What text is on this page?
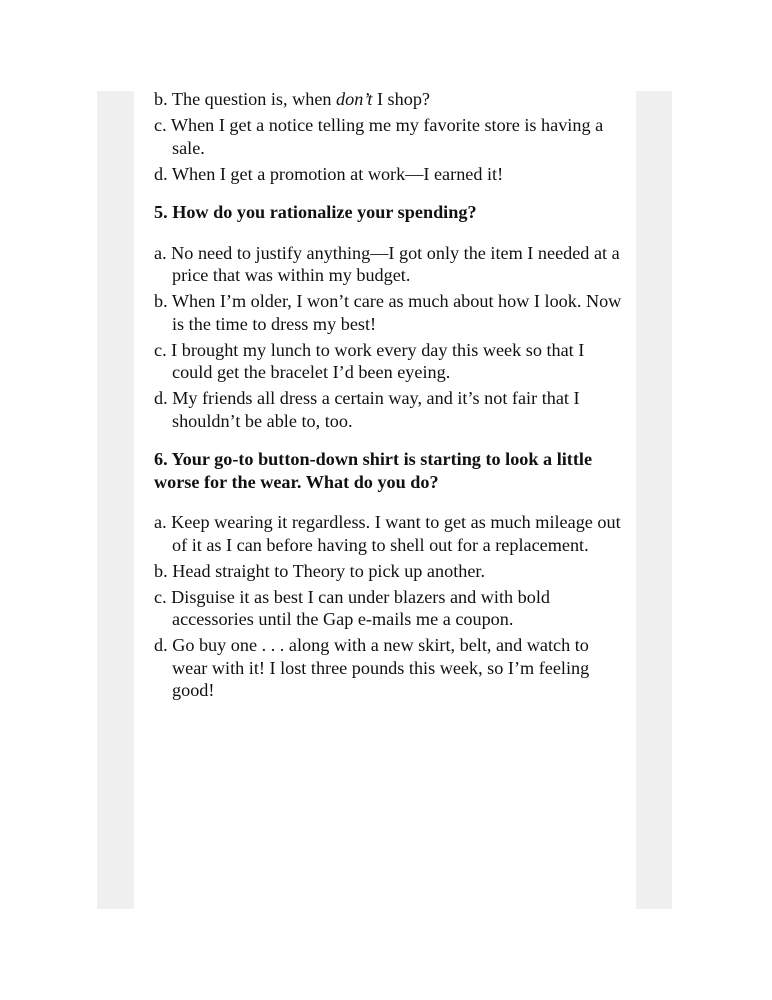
b. The question is, when don’t I shop?

c. When I get a notice telling me my favorite store is having a sale.

d. When I get a promotion at work—I earned it!

5. How do you rationalize your spending?

a. No need to justify anything—I got only the item I needed at a price that was within my budget.

b. When I’m older, I won’t care as much about how I look. Now is the time to dress my best!

c. I brought my lunch to work every day this week so that I could get the bracelet I’d been eyeing.

d. My friends all dress a certain way, and it’s not fair that I shouldn’t be able to, too.

6. Your go-to button-down shirt is starting to look a little worse for the wear. What do you do?

a. Keep wearing it regardless. I want to get as much mileage out of it as I can before having to shell out for a replacement.

b. Head straight to Theory to pick up another.

c. Disguise it as best I can under blazers and with bold accessories until the Gap e-mails me a coupon.

d. Go buy one . . . along with a new skirt, belt, and watch to wear with it! I lost three pounds this week, so I’m feeling good!
